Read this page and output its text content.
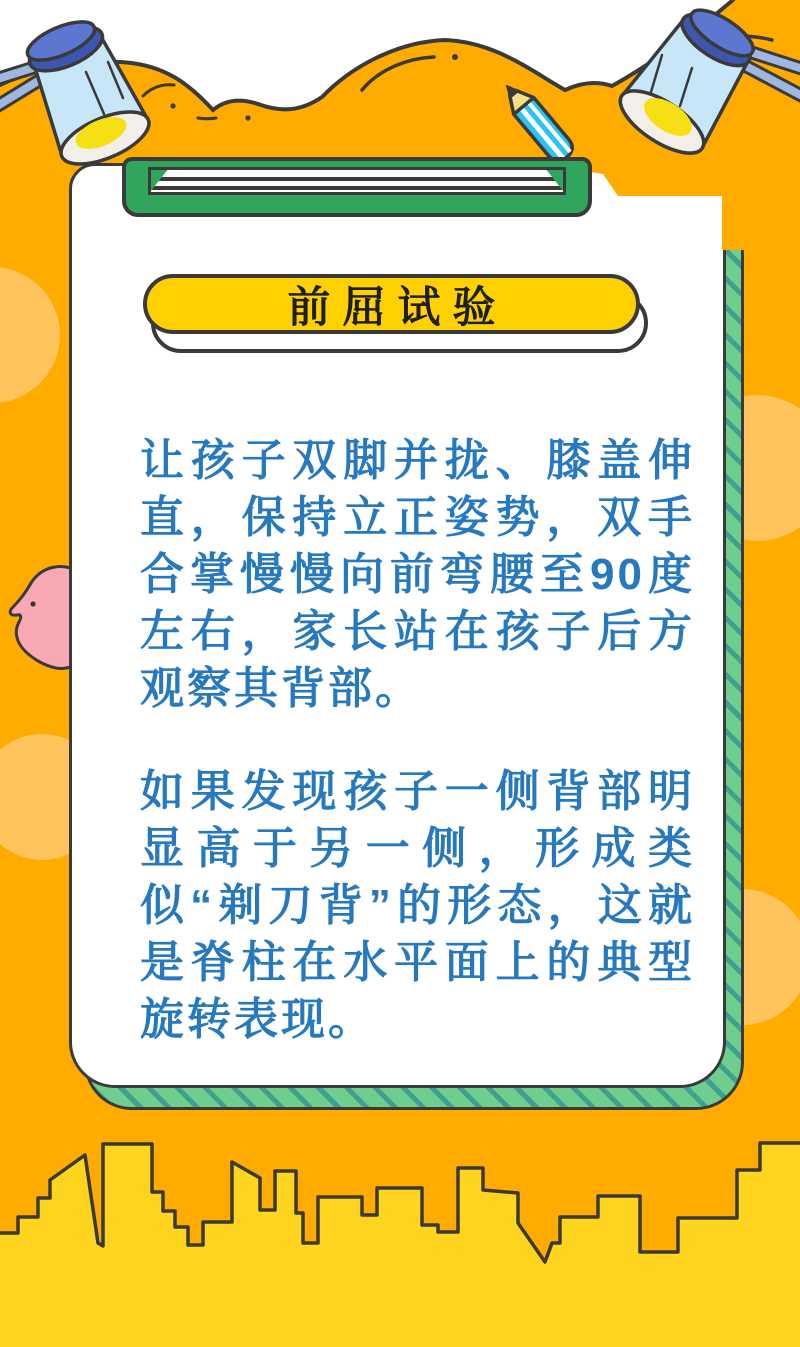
前屈试验

让孩子双脚并拢、膝盖伸直，保持立正姿势，双手合掌慢慢向前弯腰至90度左右，家长站在孩子后方观察其背部。

如果发现孩子一侧背部明显高于另一侧，形成类似“剃刀背”的形态，这就是脊柱在水平面上的典型旋转表现。
